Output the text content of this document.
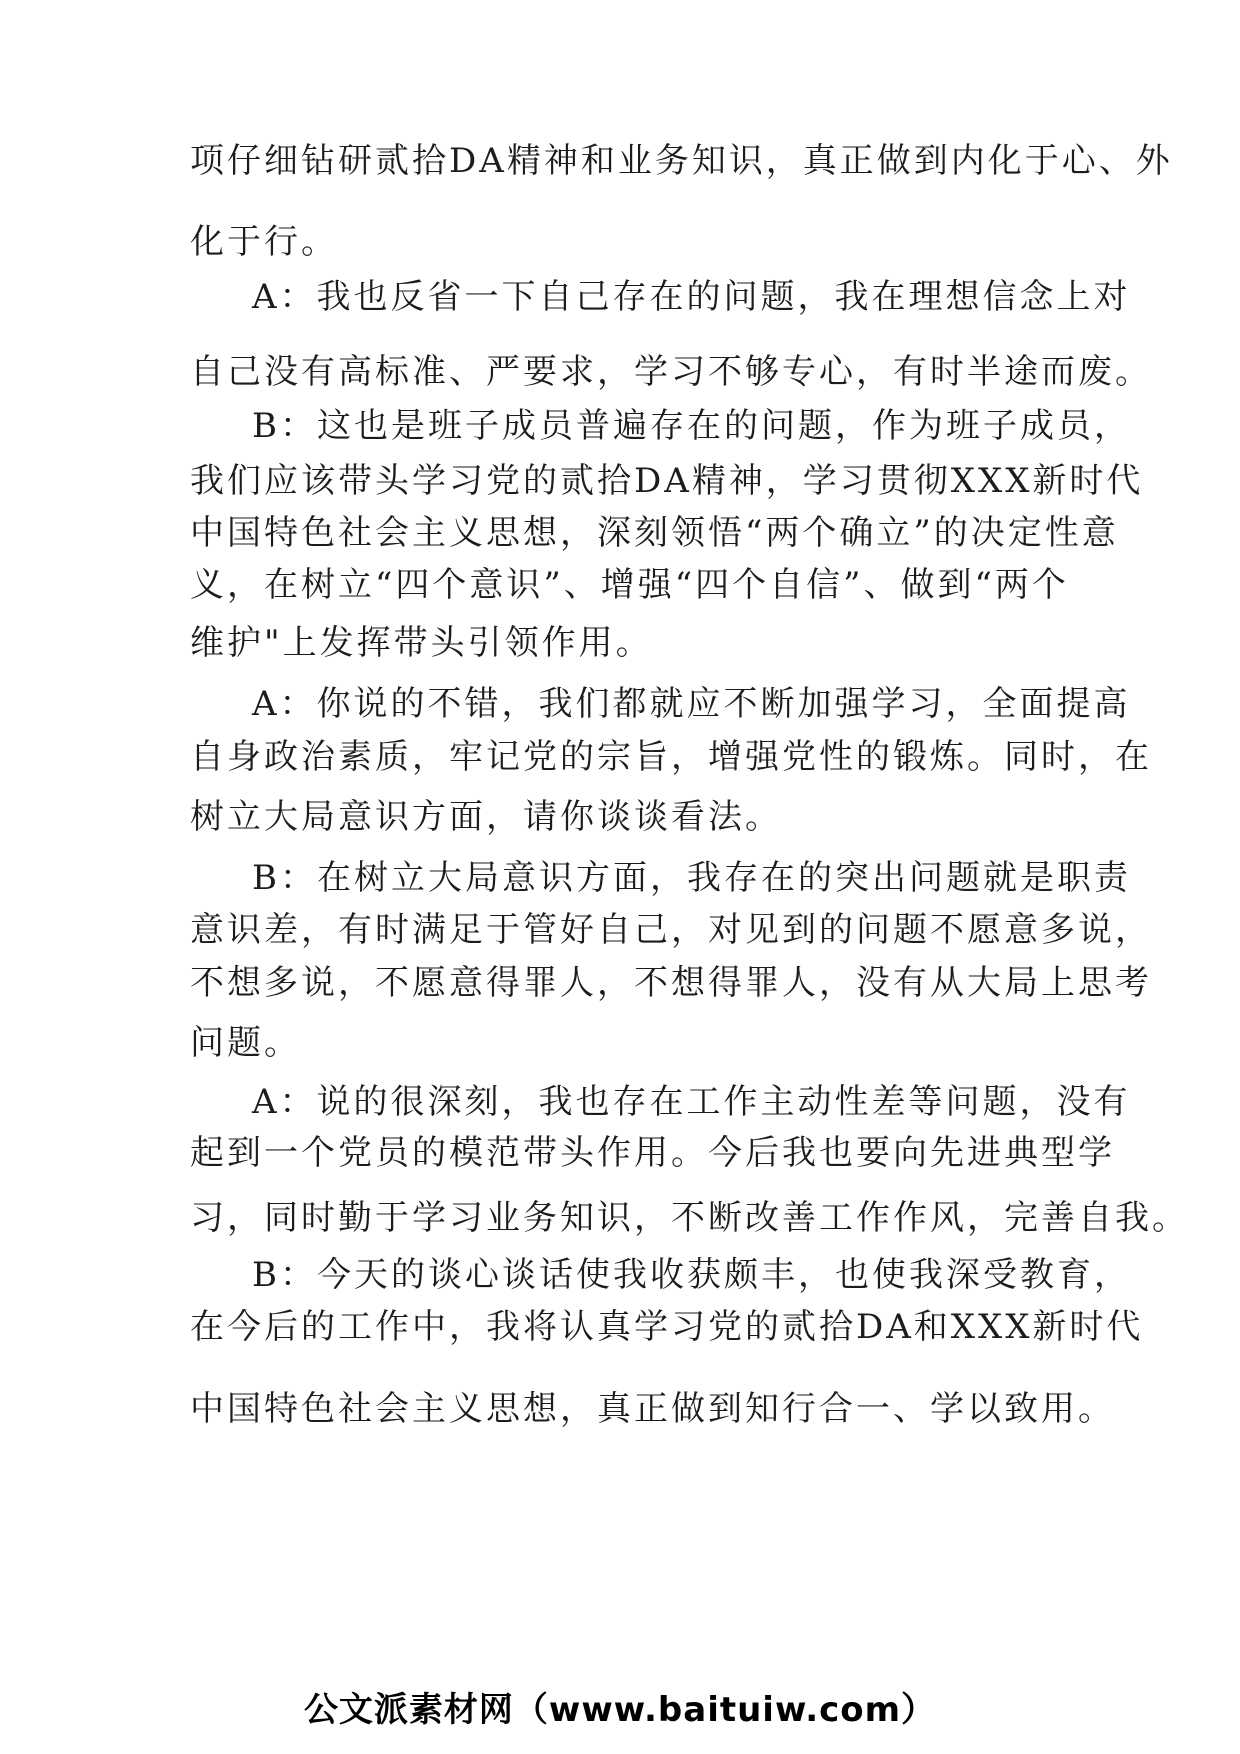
项仔细钻研贰拾DA精神和业务知识，真正做到内化于心、外
化于行。
A：我也反省一下自己存在的问题，我在理想信念上对
自己没有高标准、严要求，学习不够专心，有时半途而废。
B：这也是班子成员普遍存在的问题，作为班子成员，
我们应该带头学习党的贰拾DA精神，学习贯彻XXX新时代
中国特色社会主义思想，深刻领悟“两个确立”的决定性意
义，在树立“四个意识”、增强“四个自信”、做到“两个
维护"上发挥带头引领作用。
A：你说的不错，我们都就应不断加强学习，全面提高
自身政治素质，牢记党的宗旨，增强党性的锻炼。同时，在
树立大局意识方面，请你谈谈看法。
B：在树立大局意识方面，我存在的突出问题就是职责
意识差，有时满足于管好自己，对见到的问题不愿意多说，
不想多说，不愿意得罪人，不想得罪人，没有从大局上思考
问题。
A：说的很深刻，我也存在工作主动性差等问题，没有
起到一个党员的模范带头作用。今后我也要向先进典型学
习，同时勤于学习业务知识，不断改善工作作风，完善自我。
B：今天的谈心谈话使我收获颇丰，也使我深受教育，
在今后的工作中，我将认真学习党的贰拾DA和XXX新时代
中国特色社会主义思想，真正做到知行合一、学以致用。
公文派素材网（www.baituiw.com）
